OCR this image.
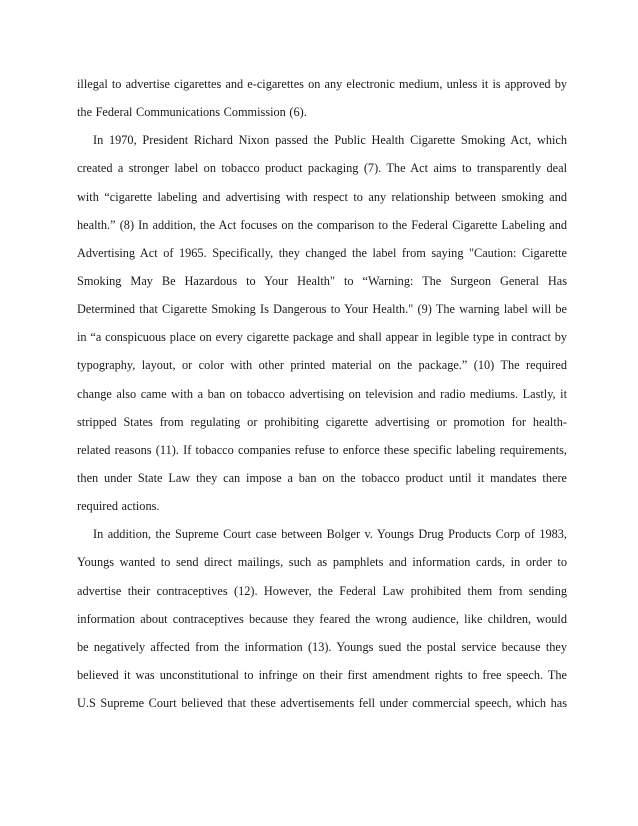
illegal to advertise cigarettes and e-cigarettes on any electronic medium, unless it is approved by
the Federal Communications Commission (6).
In 1970, President Richard Nixon passed the Public Health Cigarette Smoking Act, which
created a stronger label on tobacco product packaging (7). The Act aims to transparently deal
with “cigarette labeling and advertising with respect to any relationship between smoking and
health.” (8) In addition, the Act focuses on the comparison to the Federal Cigarette Labeling and
Advertising Act of 1965. Specifically, they changed the label from saying "Caution: Cigarette
Smoking May Be Hazardous to Your Health" to “Warning: The Surgeon General Has
Determined that Cigarette Smoking Is Dangerous to Your Health." (9) The warning label will be
in “a conspicuous place on every cigarette package and shall appear in legible type in contract by
typography, layout, or color with other printed material on the package.” (10) The required
change also came with a ban on tobacco advertising on television and radio mediums. Lastly, it
stripped States from regulating or prohibiting cigarette advertising or promotion for health-
related reasons (11). If tobacco companies refuse to enforce these specific labeling requirements,
then under State Law they can impose a ban on the tobacco product until it mandates there
required actions.
In addition, the Supreme Court case between Bolger v. Youngs Drug Products Corp of 1983,
Youngs wanted to send direct mailings, such as pamphlets and information cards, in order to
advertise their contraceptives (12). However, the Federal Law prohibited them from sending
information about contraceptives because they feared the wrong audience, like children, would
be negatively affected from the information (13). Youngs sued the postal service because they
believed it was unconstitutional to infringe on their first amendment rights to free speech. The
U.S Supreme Court believed that these advertisements fell under commercial speech, which has
